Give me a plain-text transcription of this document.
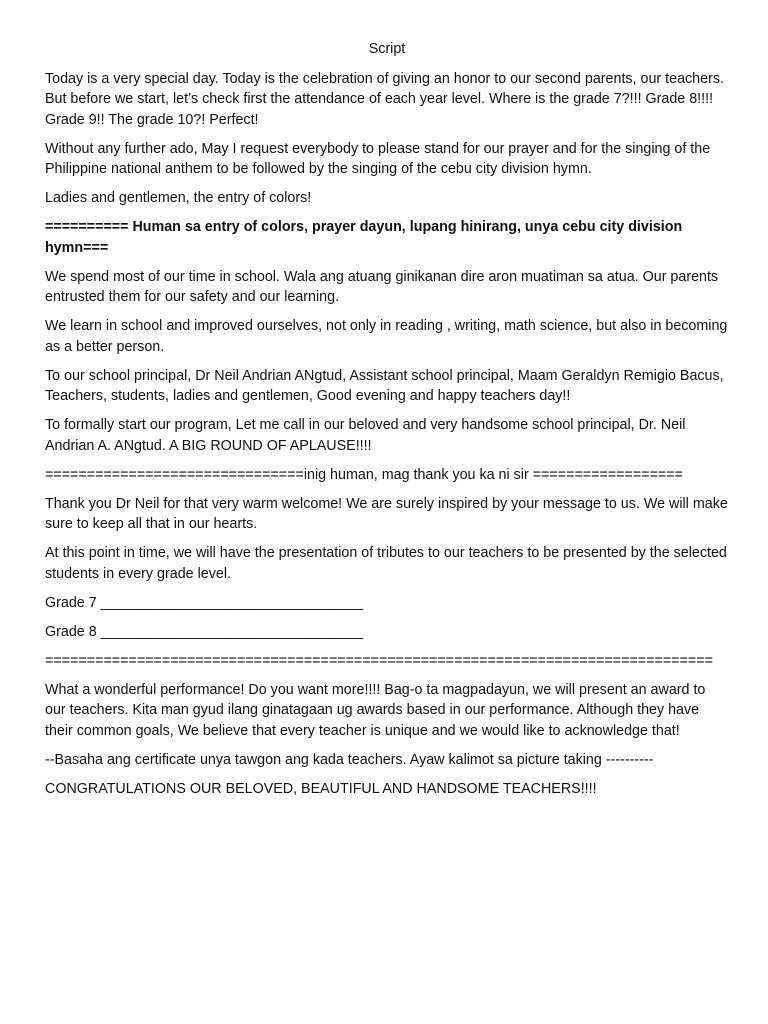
Script

Today is a very special day. Today is the celebration of giving an honor to our second parents, our teachers. But before we start, let’s check first the attendance of each year level. Where is the grade 7?!!! Grade 8!!!! Grade 9!! The grade 10?! Perfect!

Without any further ado, May I request everybody to please stand for our prayer and for the singing of the Philippine national anthem to be followed by the singing of the cebu city division hymn.

Ladies and gentlemen, the entry of colors!

========== Human sa entry of colors, prayer dayun, lupang hinirang, unya cebu city division hymn===

We spend most of our time in school. Wala ang atuang ginikanan dire aron muatiman sa atua. Our parents entrusted them for our safety and our learning.

We learn in school and improved ourselves, not only in reading , writing, math science, but also in becoming as a better person.

To our school principal, Dr Neil Andrian ANgtud, Assistant school principal, Maam Geraldyn Remigio Bacus, Teachers, students, ladies and gentlemen, Good evening and happy teachers day!!

To formally start our program, Let me call in our beloved and very handsome school principal, Dr. Neil Andrian A. ANgtud. A BIG ROUND OF APLAUSE!!!!

===============================inig human, mag thank you ka ni sir ==================

Thank you Dr Neil for that very warm welcome! We are surely inspired by your message to us. We will make sure to keep all that in our hearts.

At this point in time, we will have the presentation of tributes to our teachers to be presented by the selected students in every grade level.

Grade 7 _________________________________

Grade 8 _________________________________

================================================================================

What a wonderful performance! Do you want more!!!! Bag-o ta magpadayun, we will present an award to our teachers. Kita man gyud ilang ginatagaan ug awards based in our performance. Although they have their common goals, We believe that every teacher is unique and we would like to acknowledge that!

--Basaha ang certificate unya tawgon ang kada teachers. Ayaw kalimot sa picture taking ----------

CONGRATULATIONS OUR BELOVED, BEAUTIFUL AND HANDSOME TEACHERS!!!!
